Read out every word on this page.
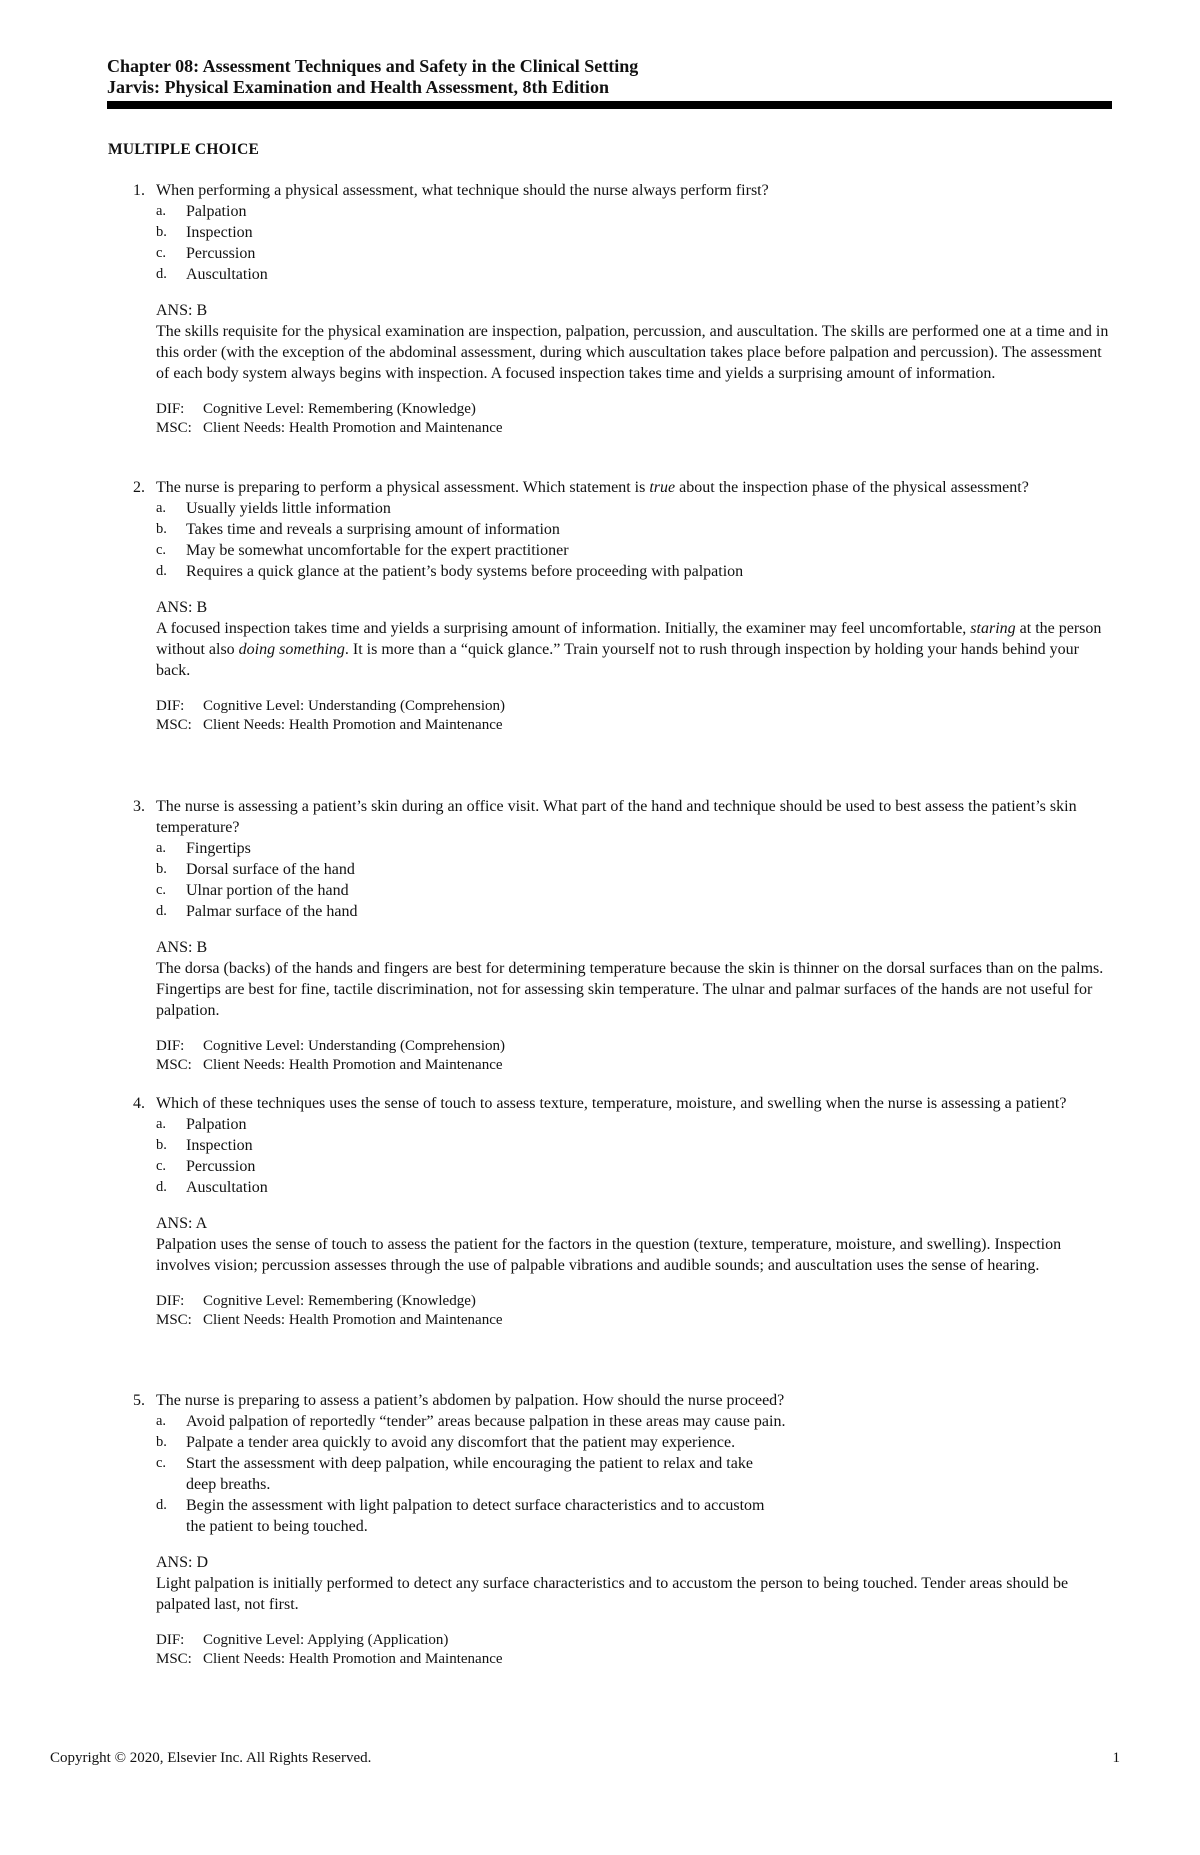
Chapter 08: Assessment Techniques and Safety in the Clinical Setting
Jarvis: Physical Examination and Health Assessment, 8th Edition
MULTIPLE CHOICE
1. When performing a physical assessment, what technique should the nurse always perform first?

a. Palpation
b. Inspection
c. Percussion
d. Auscultation
ANS: B

The skills requisite for the physical examination are inspection, palpation, percussion, and auscultation. The skills are performed one at a time and in this order (with the exception of the abdominal assessment, during which auscultation takes place before palpation and percussion). The assessment of each body system always begins with inspection. A focused inspection takes time and yields a surprising amount of information.

DIF: Cognitive Level: Remembering (Knowledge)
MSC: Client Needs: Health Promotion and Maintenance
2. The nurse is preparing to perform a physical assessment. Which statement is true about the inspection phase of the physical assessment?

a. Usually yields little information
b. Takes time and reveals a surprising amount of information
c. May be somewhat uncomfortable for the expert practitioner
d. Requires a quick glance at the patient’s body systems before proceeding with palpation
ANS: B

A focused inspection takes time and yields a surprising amount of information. Initially, the examiner may feel uncomfortable, staring at the person without also doing something. It is more than a “quick glance.” Train yourself not to rush through inspection by holding your hands behind your back.

DIF: Cognitive Level: Understanding (Comprehension)
MSC: Client Needs: Health Promotion and Maintenance
3. The nurse is assessing a patient’s skin during an office visit. What part of the hand and technique should be used to best assess the patient’s skin temperature?

a. Fingertips
b. Dorsal surface of the hand
c. Ulnar portion of the hand
d. Palmar surface of the hand
ANS: B

The dorsa (backs) of the hands and fingers are best for determining temperature because the skin is thinner on the dorsal surfaces than on the palms. Fingertips are best for fine, tactile discrimination, not for assessing skin temperature. The ulnar and palmar surfaces of the hands are not useful for palpation.

DIF: Cognitive Level: Understanding (Comprehension)
MSC: Client Needs: Health Promotion and Maintenance
4. Which of these techniques uses the sense of touch to assess texture, temperature, moisture, and swelling when the nurse is assessing a patient?

a. Palpation
b. Inspection
c. Percussion
d. Auscultation
ANS: A

Palpation uses the sense of touch to assess the patient for the factors in the question (texture, temperature, moisture, and swelling). Inspection involves vision; percussion assesses through the use of palpable vibrations and audible sounds; and auscultation uses the sense of hearing.

DIF: Cognitive Level: Remembering (Knowledge)
MSC: Client Needs: Health Promotion and Maintenance
5. The nurse is preparing to assess a patient’s abdomen by palpation. How should the nurse proceed?

a. Avoid palpation of reportedly “tender” areas because palpation in these areas may cause pain.
b. Palpate a tender area quickly to avoid any discomfort that the patient may experience.
c. Start the assessment with deep palpation, while encouraging the patient to relax and take deep breaths.
d. Begin the assessment with light palpation to detect surface characteristics and to accustom the patient to being touched.
ANS: D

Light palpation is initially performed to detect any surface characteristics and to accustom the person to being touched. Tender areas should be palpated last, not first.

DIF: Cognitive Level: Applying (Application)
MSC: Client Needs: Health Promotion and Maintenance
Copyright © 2020, Elsevier Inc. All Rights Reserved.	1
